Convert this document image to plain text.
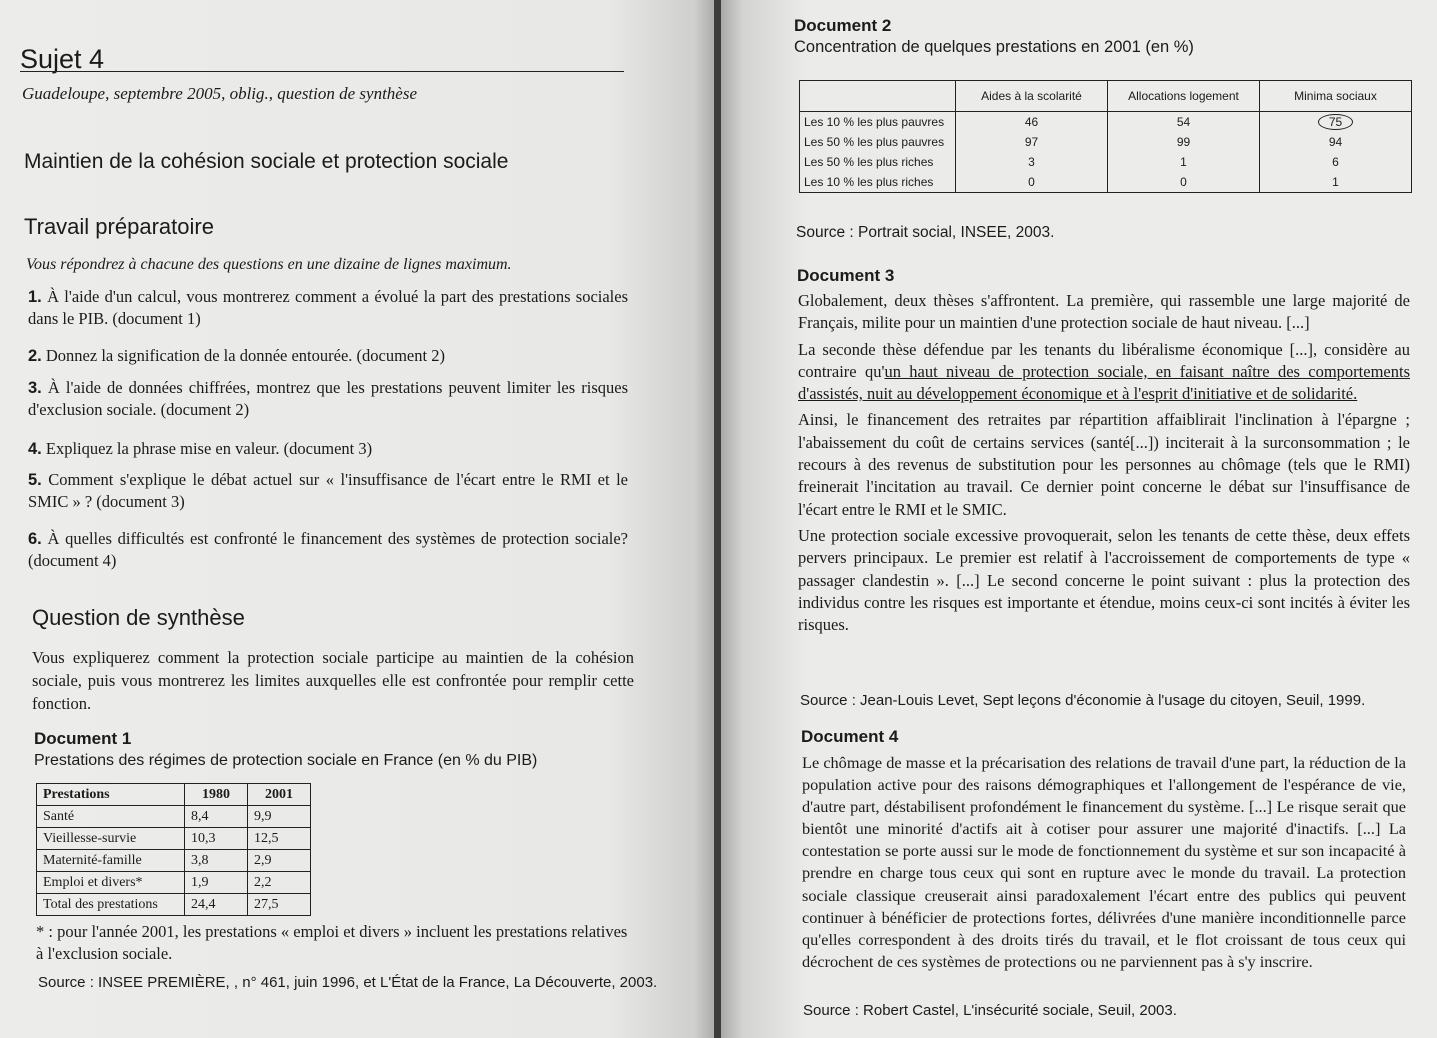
Sujet 4
Guadeloupe, septembre 2005, oblig., question de synthèse
Maintien de la cohésion sociale et protection sociale
Travail préparatoire
Vous répondrez à chacune des questions en une dizaine de lignes maximum.
1. À l'aide d'un calcul, vous montrerez comment a évolué la part des prestations sociales dans le PIB. (document 1)
2. Donnez la signification de la donnée entourée. (document 2)
3. À l'aide de données chiffrées, montrez que les prestations peuvent limiter les risques d'exclusion sociale. (document 2)
4. Expliquez la phrase mise en valeur. (document 3)
5. Comment s'explique le débat actuel sur « l'insuffisance de l'écart entre le RMI et le SMIC » ? (document 3)
6. À quelles difficultés est confronté le financement des systèmes de protection sociale? (document 4)
Question de synthèse
Vous expliquerez comment la protection sociale participe au maintien de la cohésion sociale, puis vous montrerez les limites auxquelles elle est confrontée pour remplir cette fonction.
Document 1
Prestations des régimes de protection sociale en France (en % du PIB)
Prestations	1980	2001
Santé	8,4	9,9
Vieillesse-survie	10,3	12,5
Maternité-famille	3,8	2,9
Emploi et divers*	1,9	2,2
Total des prestations	24,4	27,5
* : pour l'année 2001, les prestations « emploi et divers » incluent les prestations relatives à l'exclusion sociale.
Source : INSEE PREMIÈRE, , n° 461, juin 1996, et L'État de la France, La Découverte, 2003.
Document 2
Concentration de quelques prestations en 2001 (en %)
	Aides à la scolarité	Allocations logement	Minima sociaux
Les 10 % les plus pauvres	46	54	75
Les 50 % les plus pauvres	97	99	94
Les 50 % les plus riches	3	1	6
Les 10 % les plus riches	0	0	1
Source : Portrait social, INSEE, 2003.
Document 3

Globalement, deux thèses s'affrontent. La première, qui rassemble une large majorité de Français, milite pour un maintien d'une protection sociale de haut niveau. [...]

La seconde thèse défendue par les tenants du libéralisme économique [...], considère au contraire qu'un haut niveau de protection sociale, en faisant naître des comportements d'assistés, nuit au développement économique et à l'esprit d'initiative et de solidarité.

Ainsi, le financement des retraites par répartition affaiblirait l'inclination à l'épargne ; l'abaissement du coût de certains services (santé[...]) inciterait à la surconsommation ; le recours à des revenus de substitution pour les personnes au chômage (tels que le RMI) freinerait l'incitation au travail. Ce dernier point concerne le débat sur l'insuffisance de l'écart entre le RMI et le SMIC.

Une protection sociale excessive provoquerait, selon les tenants de cette thèse, deux effets pervers principaux. Le premier est relatif à l'accroissement de comportements de type « passager clandestin ». [...] Le second concerne le point suivant : plus la protection des individus contre les risques est importante et étendue, moins ceux-ci sont incités à éviter les risques.

Source : Jean-Louis Levet, Sept leçons d'économie à l'usage du citoyen, Seuil, 1999.
Document 4
Le chômage de masse et la précarisation des relations de travail d'une part, la réduction de la population active pour des raisons démographiques et l'allongement de l'espérance de vie, d'autre part, déstabilisent profondément le financement du système. [...] Le risque serait que bientôt une minorité d'actifs ait à cotiser pour assurer une majorité d'inactifs. [...] La contestation se porte aussi sur le mode de fonctionnement du système et sur son incapacité à prendre en charge tous ceux qui sont en rupture avec le monde du travail. La protection sociale classique creuserait ainsi paradoxalement l'écart entre des publics qui peuvent continuer à bénéficier de protections fortes, délivrées d'une manière inconditionnelle parce qu'elles correspondent à des droits tirés du travail, et le flot croissant de tous ceux qui décrochent de ces systèmes de protections ou ne parviennent pas à s'y inscrire.
Source : Robert Castel, L'insécurité sociale, Seuil, 2003.
